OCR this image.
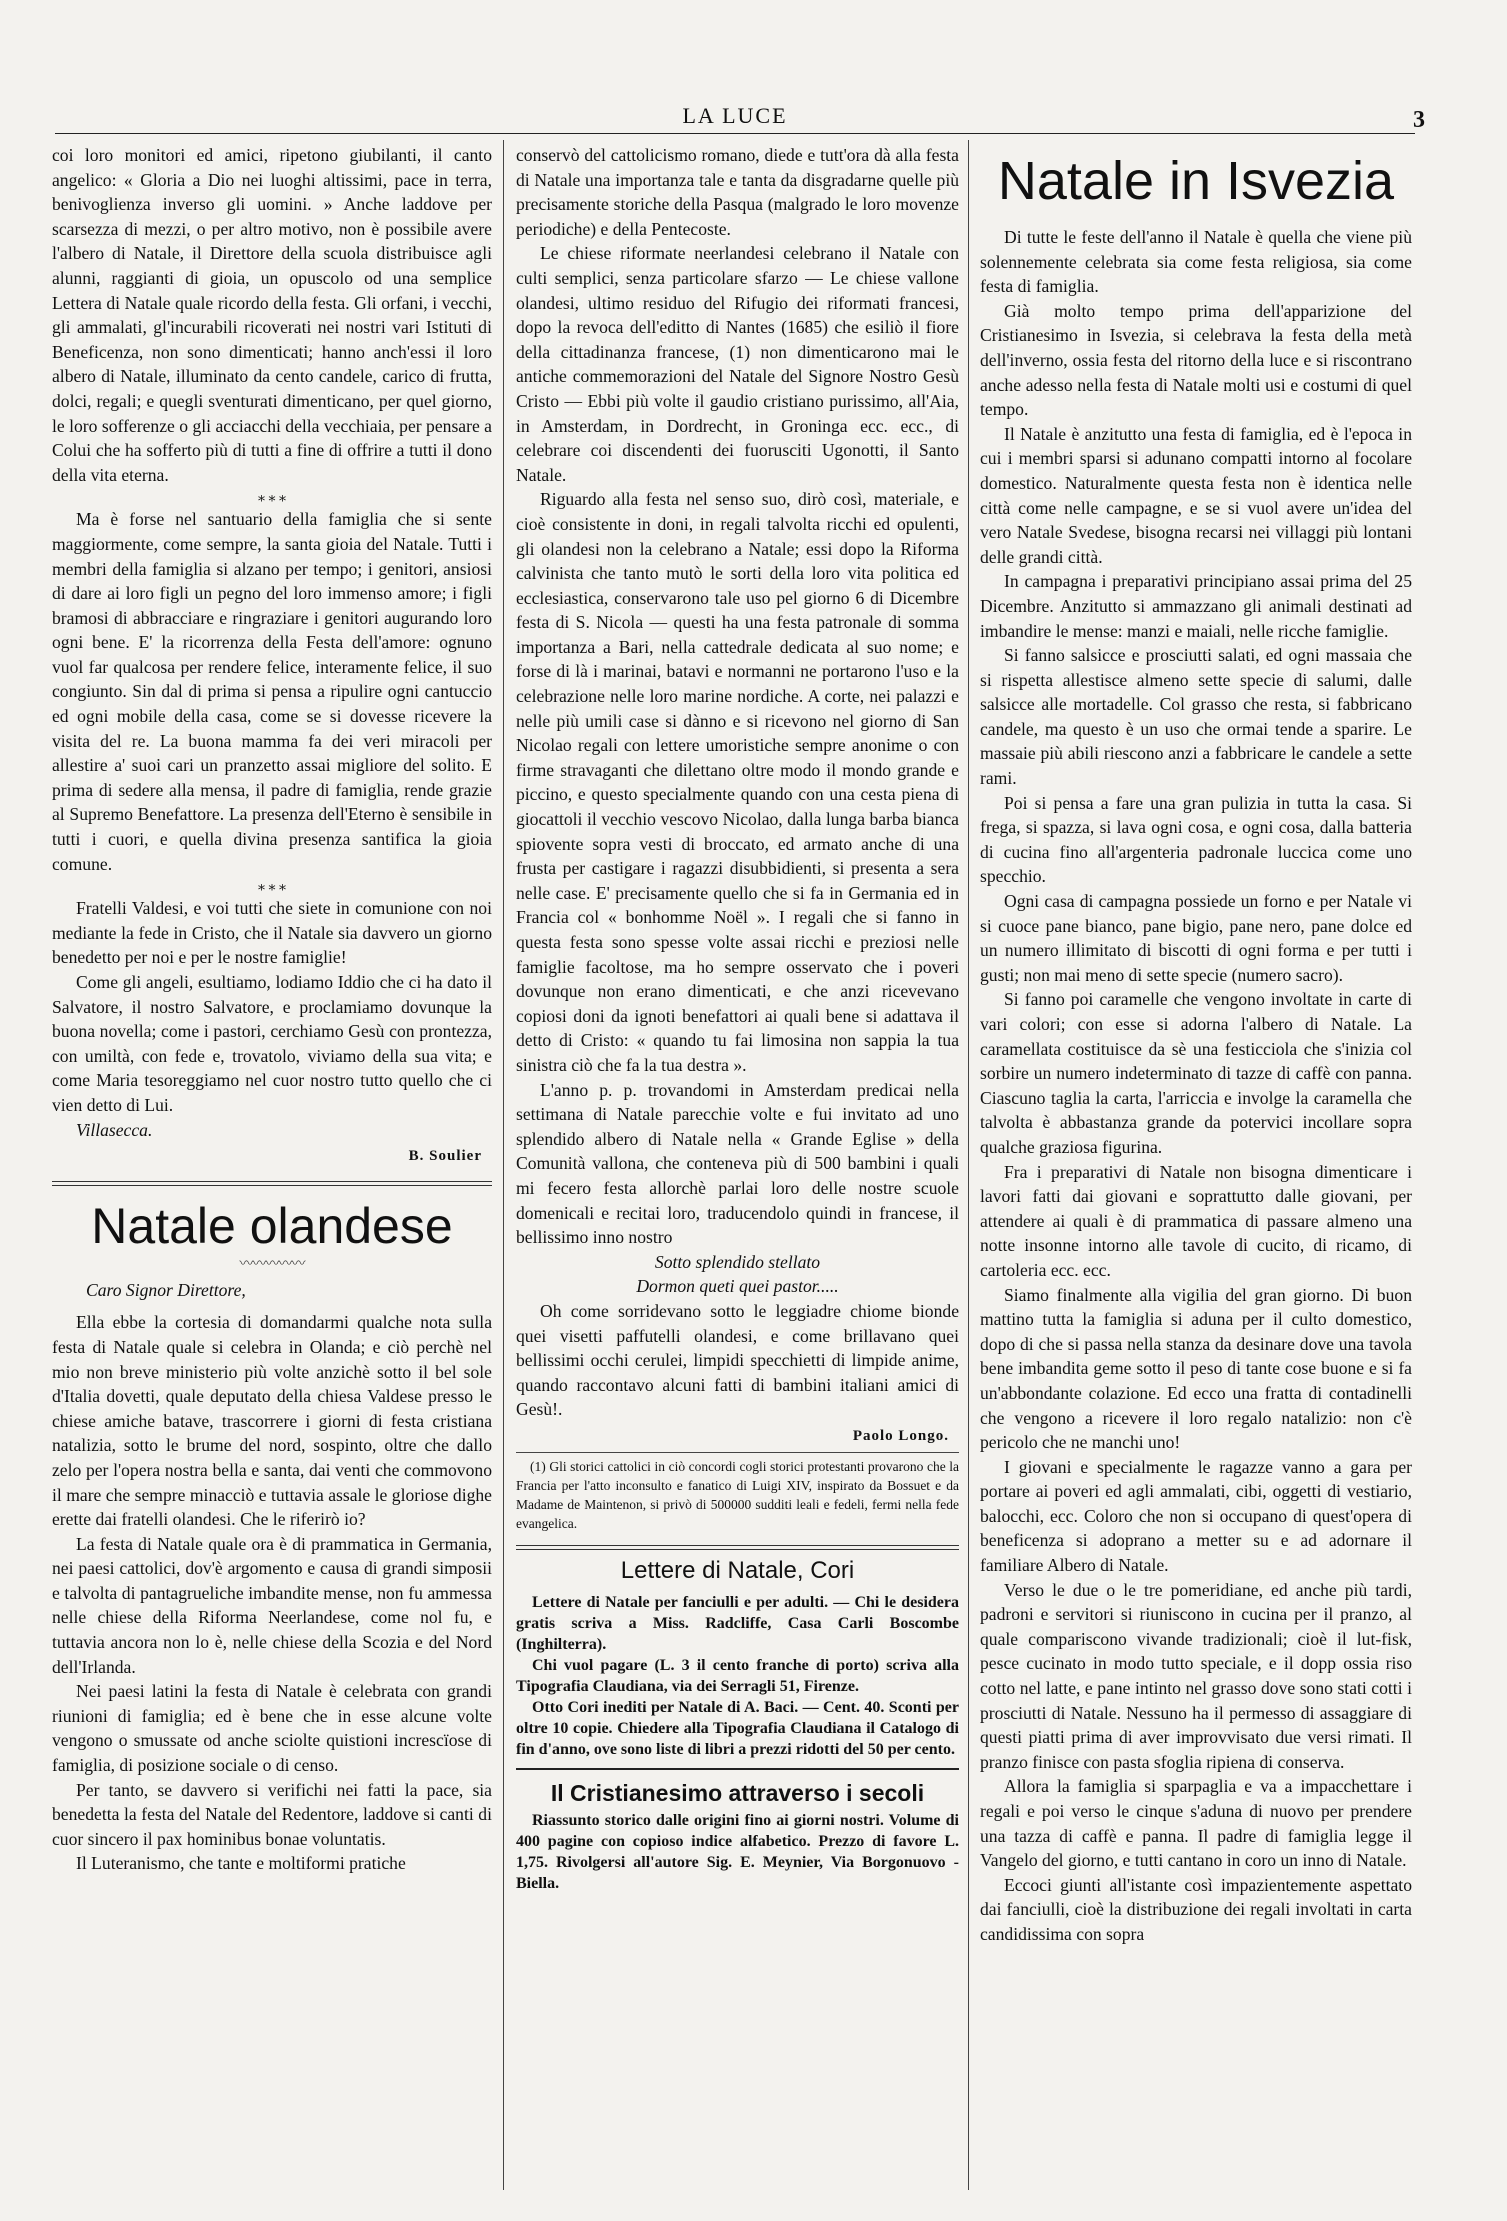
LA LUCE	3

coi loro monitori ed amici, ripetono giubilanti, il canto angelico: « Gloria a Dio nei luoghi altissimi, pace in terra, benivoglienza inverso gli uomini. » Anche laddove per scarsezza di mezzi, o per altro motivo, non è possibile avere l'albero di Natale, il Direttore della scuola distribuisce agli alunni, raggianti di gioia, un opuscolo od una semplice Lettera di Natale quale ricordo della festa. Gli orfani, i vecchi, gli ammalati, gl'incurabili ricoverati nei nostri vari Istituti di Beneficenza, non sono dimenticati; hanno anch'essi il loro albero di Natale, illuminato da cento candele, carico di frutta, dolci, regali; e quegli sventurati dimenticano, per quel giorno, le loro sofferenze o gli acciacchi della vecchiaia, per pensare a Colui che ha sofferto più di tutti a fine di offrire a tutti il dono della vita eterna.

⁎ ⁎ ⁎

Ma è forse nel santuario della famiglia che si sente maggiormente, come sempre, la santa gioia del Natale. Tutti i membri della famiglia si alzano per tempo; i genitori, ansiosi di dare ai loro figli un pegno del loro immenso amore; i figli bramosi di abbracciare e ringraziare i genitori augurando loro ogni bene. E' la ricorrenza della Festa dell'amore: ognuno vuol far qualcosa per rendere felice, interamente felice, il suo congiunto. Sin dal di prima si pensa a ripulire ogni cantuccio ed ogni mobile della casa, come se si dovesse ricevere la visita del re. La buona mamma fa dei veri miracoli per allestire a' suoi cari un pranzetto assai migliore del solito. E prima di sedere alla mensa, il padre di famiglia, rende grazie al Supremo Benefattore. La presenza dell'Eterno è sensibile in tutti i cuori, e quella divina presenza santifica la gioia comune.

⁎ ⁎ ⁎

Fratelli Valdesi, e voi tutti che siete in comunione con noi mediante la fede in Cristo, che il Natale sia davvero un giorno benedetto per noi e per le nostre famiglie!

Come gli angeli, esultiamo, lodiamo Iddio che ci ha dato il Salvatore, il nostro Salvatore, e proclamiamo dovunque la buona novella; come i pastori, cerchiamo Gesù con prontezza, con umiltà, con fede e, trovatolo, viviamo della sua vita; e come Maria tesoreggiamo nel cuor nostro tutto quello che ci vien detto di Lui.

Villasecca.

B. Soulier
Natale olandese
〰〰〰〰〰

Caro Signor Direttore,

Ella ebbe la cortesia di domandarmi qualche nota sulla festa di Natale quale si celebra in Olanda; e ciò perchè nel mio non breve ministerio più volte anzichè sotto il bel sole d'Italia dovetti, quale deputato della chiesa Valdese presso le chiese amiche batave, trascorrere i giorni di festa cristiana natalizia, sotto le brume del nord, sospinto, oltre che dallo zelo per l'opera nostra bella e santa, dai venti che commovono il mare che sempre minacciò e tuttavia assale le gloriose dighe erette dai fratelli olandesi. Che le riferirò io?

La festa di Natale quale ora è di prammatica in Germania, nei paesi cattolici, dov'è argomento e causa di grandi simposii e talvolta di pantagrueliche imbandite mense, non fu ammessa nelle chiese della Riforma Neerlandese, come nol fu, e tuttavia ancora non lo è, nelle chiese della Scozia e del Nord dell'Irlanda.

Nei paesi latini la festa di Natale è celebrata con grandi riunioni di famiglia; ed è bene che in esse alcune volte vengono o smussate od anche sciolte quistioni increscïose di famiglia, di posizione sociale o di censo.

Per tanto, se davvero si verifichi nei fatti la pace, sia benedetta la festa del Natale del Redentore, laddove si canti di cuor sincero il pax hominibus bonae voluntatis.

Il Luteranismo, che tante e moltiformi pratiche

conservò del cattolicismo romano, diede e tutt'ora dà alla festa di Natale una importanza tale e tanta da disgradarne quelle più precisamente storiche della Pasqua (malgrado le loro movenze periodiche) e della Pentecoste.

Le chiese riformate neerlandesi celebrano il Natale con culti semplici, senza particolare sfarzo — Le chiese vallone olandesi, ultimo residuo del Rifugio dei riformati francesi, dopo la revoca dell'editto di Nantes (1685) che esiliò il fiore della cittadinanza francese, (1) non dimenticarono mai le antiche commemorazioni del Natale del Signore Nostro Gesù Cristo — Ebbi più volte il gaudio cristiano purissimo, all'Aia, in Amsterdam, in Dordrecht, in Groninga ecc. ecc., di celebrare coi discendenti dei fuorusciti Ugonotti, il Santo Natale.

Riguardo alla festa nel senso suo, dirò così, materiale, e cioè consistente in doni, in regali talvolta ricchi ed opulenti, gli olandesi non la celebrano a Natale; essi dopo la Riforma calvinista che tanto mutò le sorti della loro vita politica ed ecclesiastica, conservarono tale uso pel giorno 6 di Dicembre festa di S. Nicola — questi ha una festa patronale di somma importanza a Bari, nella cattedrale dedicata al suo nome; e forse di là i marinai, batavi e normanni ne portarono l'uso e la celebrazione nelle loro marine nordiche. A corte, nei palazzi e nelle più umili case si dànno e si ricevono nel giorno di San Nicolao regali con lettere umoristiche sempre anonime o con firme stravaganti che dilettano oltre modo il mondo grande e piccino, e questo specialmente quando con una cesta piena di giocattoli il vecchio vescovo Nicolao, dalla lunga barba bianca spiovente sopra vesti di broccato, ed armato anche di una frusta per castigare i ragazzi disubbidienti, si presenta a sera nelle case. E' precisamente quello che si fa in Germania ed in Francia col « bonhomme Noël ». I regali che si fanno in questa festa sono spesse volte assai ricchi e preziosi nelle famiglie facoltose, ma ho sempre osservato che i poveri dovunque non erano dimenticati, e che anzi ricevevano copiosi doni da ignoti benefattori ai quali bene si adattava il detto di Cristo: « quando tu fai limosina non sappia la tua sinistra ciò che fa la tua destra ».

L'anno p. p. trovandomi in Amsterdam predicai nella settimana di Natale parecchie volte e fui invitato ad uno splendido albero di Natale nella « Grande Eglise » della Comunità vallona, che conteneva più di 500 bambini i quali mi fecero festa allorchè parlai loro delle nostre scuole domenicali e recitai loro, traducendolo quindi in francese, il bellissimo inno nostro

Sotto splendido stellato

Dormon queti quei pastor.....

Oh come sorridevano sotto le leggiadre chiome bionde quei visetti paffutelli olandesi, e come brillavano quei bellissimi occhi cerulei, limpidi specchietti di limpide anime, quando raccontavo alcuni fatti di bambini italiani amici di Gesù!.

Paolo Longo.

(1) Gli storici cattolici in ciò concordi cogli storici protestanti provarono che la Francia per l'atto inconsulto e fanatico di Luigi XIV, inspirato da Bossuet e da Madame de Maintenon, si privò di 500000 sudditi leali e fedeli, fermi nella fede evangelica.

Lettere di Natale, Cori

Lettere di Natale per fanciulli e per adulti. — Chi le desidera gratis scriva a Miss. Radcliffe, Casa Carli Boscombe (Inghilterra).

Chi vuol pagare (L. 3 il cento franche di porto) scriva alla Tipografia Claudiana, via dei Serragli 51, Firenze.

Otto Cori inediti per Natale di A. Baci. — Cent. 40. Sconti per oltre 10 copie. Chiedere alla Tipografia Claudiana il Catalogo di fin d'anno, ove sono liste di libri a prezzi ridotti del 50 per cento.

Il Cristianesimo attraverso i secoli

Riassunto storico dalle origini fino ai giorni nostri. Volume di 400 pagine con copioso indice alfabetico. Prezzo di favore L. 1,75. Rivolgersi all'autore Sig. E. Meynier, Via Borgonuovo - Biella.

Natale in Isvezia

Di tutte le feste dell'anno il Natale è quella che viene più solennemente celebrata sia come festa religiosa, sia come festa di famiglia.

Già molto tempo prima dell'apparizione del Cristianesimo in Isvezia, si celebrava la festa della metà dell'inverno, ossia festa del ritorno della luce e si riscontrano anche adesso nella festa di Natale molti usi e costumi di quel tempo.

Il Natale è anzitutto una festa di famiglia, ed è l'epoca in cui i membri sparsi si adunano compatti intorno al focolare domestico. Naturalmente questa festa non è identica nelle città come nelle campagne, e se si vuol avere un'idea del vero Natale Svedese, bisogna recarsi nei villaggi più lontani delle grandi città.

In campagna i preparativi principiano assai prima del 25 Dicembre. Anzitutto si ammazzano gli animali destinati ad imbandire le mense: manzi e maiali, nelle ricche famiglie.

Si fanno salsicce e prosciutti salati, ed ogni massaia che si rispetta allestisce almeno sette specie di salumi, dalle salsicce alle mortadelle. Col grasso che resta, si fabbricano candele, ma questo è un uso che ormai tende a sparire. Le massaie più abili riescono anzi a fabbricare le candele a sette rami.

Poi si pensa a fare una gran pulizia in tutta la casa. Si frega, si spazza, si lava ogni cosa, e ogni cosa, dalla batteria di cucina fino all'argenteria padronale luccica come uno specchio.

Ogni casa di campagna possiede un forno e per Natale vi si cuoce pane bianco, pane bigio, pane nero, pane dolce ed un numero illimitato di biscotti di ogni forma e per tutti i gusti; non mai meno di sette specie (numero sacro).

Si fanno poi caramelle che vengono involtate in carte di vari colori; con esse si adorna l'albero di Natale. La caramellata costituisce da sè una festicciola che s'inizia col sorbire un numero indeterminato di tazze di caffè con panna. Ciascuno taglia la carta, l'arriccia e involge la caramella che talvolta è abbastanza grande da potervici incollare sopra qualche graziosa figurina.

Fra i preparativi di Natale non bisogna dimenticare i lavori fatti dai giovani e soprattutto dalle giovani, per attendere ai quali è di prammatica di passare almeno una notte insonne intorno alle tavole di cucito, di ricamo, di cartoleria ecc. ecc.

Siamo finalmente alla vigilia del gran giorno. Di buon mattino tutta la famiglia si aduna per il culto domestico, dopo di che si passa nella stanza da desinare dove una tavola bene imbandita geme sotto il peso di tante cose buone e si fa un'abbondante colazione. Ed ecco una fratta di contadinelli che vengono a ricevere il loro regalo natalizio: non c'è pericolo che ne manchi uno!

I giovani e specialmente le ragazze vanno a gara per portare ai poveri ed agli ammalati, cibi, oggetti di vestiario, balocchi, ecc. Coloro che non si occupano di quest'opera di beneficenza si adoprano a metter su e ad adornare il familiare Albero di Natale.

Verso le due o le tre pomeridiane, ed anche più tardi, padroni e servitori si riuniscono in cucina per il pranzo, al quale compariscono vivande tradizionali; cioè il lut-fisk, pesce cucinato in modo tutto speciale, e il dopp ossia riso cotto nel latte, e pane intinto nel grasso dove sono stati cotti i prosciutti di Natale. Nessuno ha il permesso di assaggiare di questi piatti prima di aver improvvisato due versi rimati. Il pranzo finisce con pasta sfoglia ripiena di conserva.

Allora la famiglia si sparpaglia e va a impacchettare i regali e poi verso le cinque s'aduna di nuovo per prendere una tazza di caffè e panna. Il padre di famiglia legge il Vangelo del giorno, e tutti cantano in coro un inno di Natale.

Eccoci giunti all'istante così impazientemente aspettato dai fanciulli, cioè la distribuzione dei regali involtati in carta candidissima con sopra
